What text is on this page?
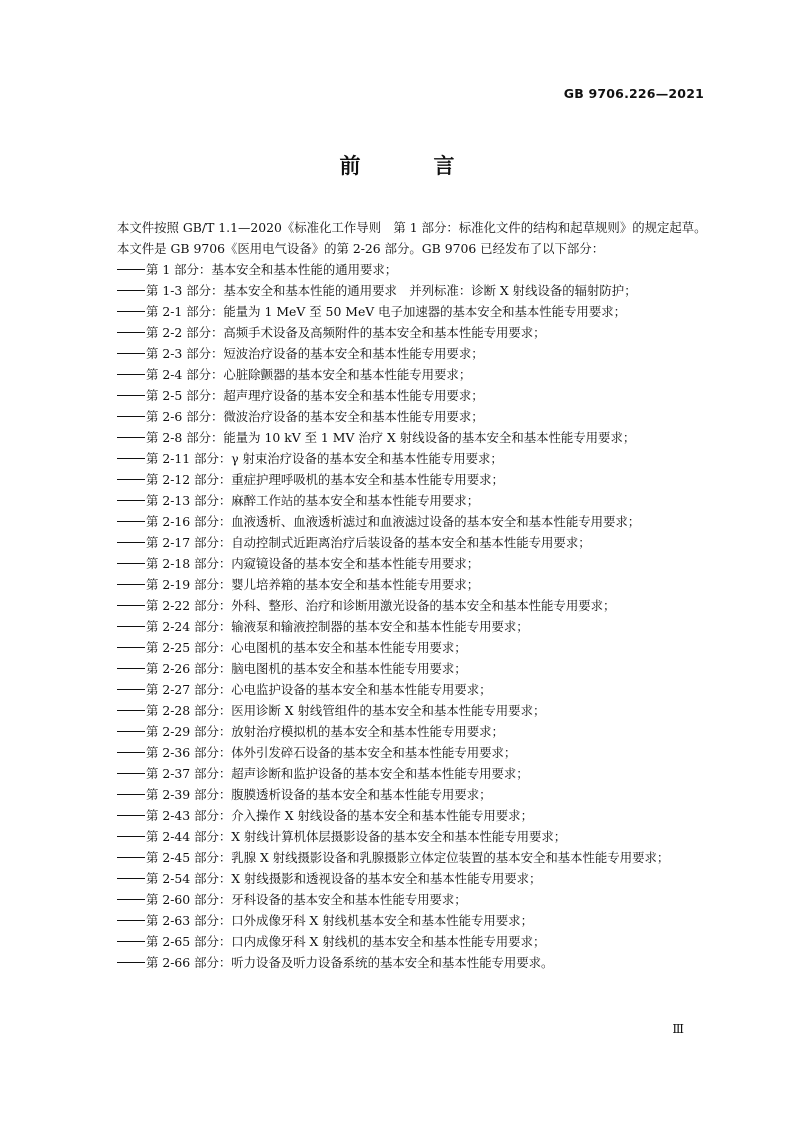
GB 9706.226—2021
前　言
本文件按照 GB/T 1.1—2020《标准化工作导则　第 1 部分：标准化文件的结构和起草规则》的规定起草。
本文件是 GB 9706《医用电气设备》的第 2-26 部分。GB 9706 已经发布了以下部分：
第 1 部分：基本安全和基本性能的通用要求；
第 1-3 部分：基本安全和基本性能的通用要求　并列标准：诊断 X 射线设备的辐射防护；
第 2-1 部分：能量为 1 MeV 至 50 MeV 电子加速器的基本安全和基本性能专用要求；
第 2-2 部分：高频手术设备及高频附件的基本安全和基本性能专用要求；
第 2-3 部分：短波治疗设备的基本安全和基本性能专用要求；
第 2-4 部分：心脏除颤器的基本安全和基本性能专用要求；
第 2-5 部分：超声理疗设备的基本安全和基本性能专用要求；
第 2-6 部分：微波治疗设备的基本安全和基本性能专用要求；
第 2-8 部分：能量为 10 kV 至 1 MV 治疗 X 射线设备的基本安全和基本性能专用要求；
第 2-11 部分：γ 射束治疗设备的基本安全和基本性能专用要求；
第 2-12 部分：重症护理呼吸机的基本安全和基本性能专用要求；
第 2-13 部分：麻醉工作站的基本安全和基本性能专用要求；
第 2-16 部分：血液透析、血液透析滤过和血液滤过设备的基本安全和基本性能专用要求；
第 2-17 部分：自动控制式近距离治疗后装设备的基本安全和基本性能专用要求；
第 2-18 部分：内窥镜设备的基本安全和基本性能专用要求；
第 2-19 部分：婴儿培养箱的基本安全和基本性能专用要求；
第 2-22 部分：外科、整形、治疗和诊断用激光设备的基本安全和基本性能专用要求；
第 2-24 部分：输液泵和输液控制器的基本安全和基本性能专用要求；
第 2-25 部分：心电图机的基本安全和基本性能专用要求；
第 2-26 部分：脑电图机的基本安全和基本性能专用要求；
第 2-27 部分：心电监护设备的基本安全和基本性能专用要求；
第 2-28 部分：医用诊断 X 射线管组件的基本安全和基本性能专用要求；
第 2-29 部分：放射治疗模拟机的基本安全和基本性能专用要求；
第 2-36 部分：体外引发碎石设备的基本安全和基本性能专用要求；
第 2-37 部分：超声诊断和监护设备的基本安全和基本性能专用要求；
第 2-39 部分：腹膜透析设备的基本安全和基本性能专用要求；
第 2-43 部分：介入操作 X 射线设备的基本安全和基本性能专用要求；
第 2-44 部分：X 射线计算机体层摄影设备的基本安全和基本性能专用要求；
第 2-45 部分：乳腺 X 射线摄影设备和乳腺摄影立体定位装置的基本安全和基本性能专用要求；
第 2-54 部分：X 射线摄影和透视设备的基本安全和基本性能专用要求；
第 2-60 部分：牙科设备的基本安全和基本性能专用要求；
第 2-63 部分：口外成像牙科 X 射线机基本安全和基本性能专用要求；
第 2-65 部分：口内成像牙科 X 射线机的基本安全和基本性能专用要求；
第 2-66 部分：听力设备及听力设备系统的基本安全和基本性能专用要求。
Ⅲ
